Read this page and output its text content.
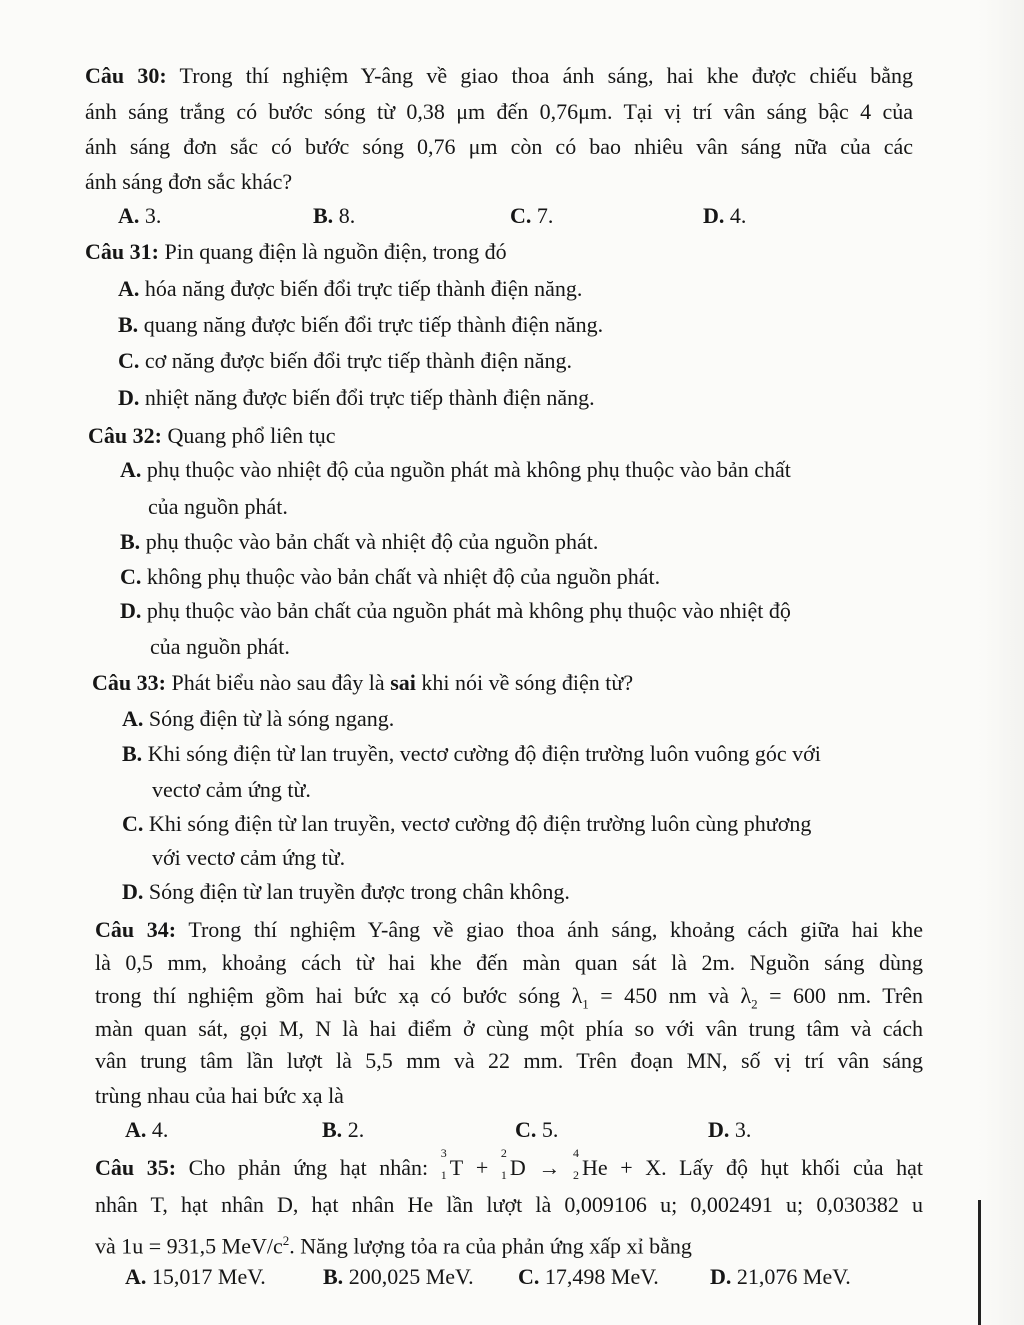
Câu 30: Trong thí nghiệm Y-âng về giao thoa ánh sáng, hai khe được chiếu bằng
ánh sáng trắng có bước sóng từ 0,38 μm đến 0,76μm. Tại vị trí vân sáng bậc 4 của
ánh sáng đơn sắc có bước sóng 0,76 μm còn có bao nhiêu vân sáng nữa của các
ánh sáng đơn sắc khác?
A. 3.	B. 8.	C. 7.	D. 4.
Câu 31: Pin quang điện là nguồn điện, trong đó
A. hóa năng được biến đổi trực tiếp thành điện năng.
B. quang năng được biến đổi trực tiếp thành điện năng.
C. cơ năng được biến đổi trực tiếp thành điện năng.
D. nhiệt năng được biến đổi trực tiếp thành điện năng.
Câu 32: Quang phổ liên tục
A. phụ thuộc vào nhiệt độ của nguồn phát mà không phụ thuộc vào bản chất
của nguồn phát.
B. phụ thuộc vào bản chất và nhiệt độ của nguồn phát.
C. không phụ thuộc vào bản chất và nhiệt độ của nguồn phát.
D. phụ thuộc vào bản chất của nguồn phát mà không phụ thuộc vào nhiệt độ
của nguồn phát.
Câu 33: Phát biểu nào sau đây là sai khi nói về sóng điện từ?
A. Sóng điện từ là sóng ngang.
B. Khi sóng điện từ lan truyền, vectơ cường độ điện trường luôn vuông góc với
vectơ cảm ứng từ.
C. Khi sóng điện từ lan truyền, vectơ cường độ điện trường luôn cùng phương
với vectơ cảm ứng từ.
D. Sóng điện từ lan truyền được trong chân không.
Câu 34: Trong thí nghiệm Y-âng về giao thoa ánh sáng, khoảng cách giữa hai khe
là 0,5 mm, khoảng cách từ hai khe đến màn quan sát là 2m. Nguồn sáng dùng
trong thí nghiệm gồm hai bức xạ có bước sóng $\lambda_1 = 450$ nm và $\lambda_2 = 600$ nm. Trên
màn quan sát, gọi M, N là hai điểm ở cùng một phía so với vân trung tâm và cách
vân trung tâm lần lượt là 5,5 mm và 22 mm. Trên đoạn MN, số vị trí vân sáng
trùng nhau của hai bức xạ là
A. 4.	B. 2.	C. 5.	D. 3.
Câu 35: Cho phản ứng hạt nhân:
3
1 T +
2
1 D →
4
2 He + X. Lấy độ hụt khối của hạt
nhân T, hạt nhân D, hạt nhân He lần lượt là 0,009106 u; 0,002491 u; 0,030382 u
và 1u = 931,5 MeV/$c^2$. Năng lượng tỏa ra của phản ứng xấp xỉ bằng
A. 15,017 MeV.	B. 200,025 MeV. C. 17,498 MeV. D. 21,076 MeV.
